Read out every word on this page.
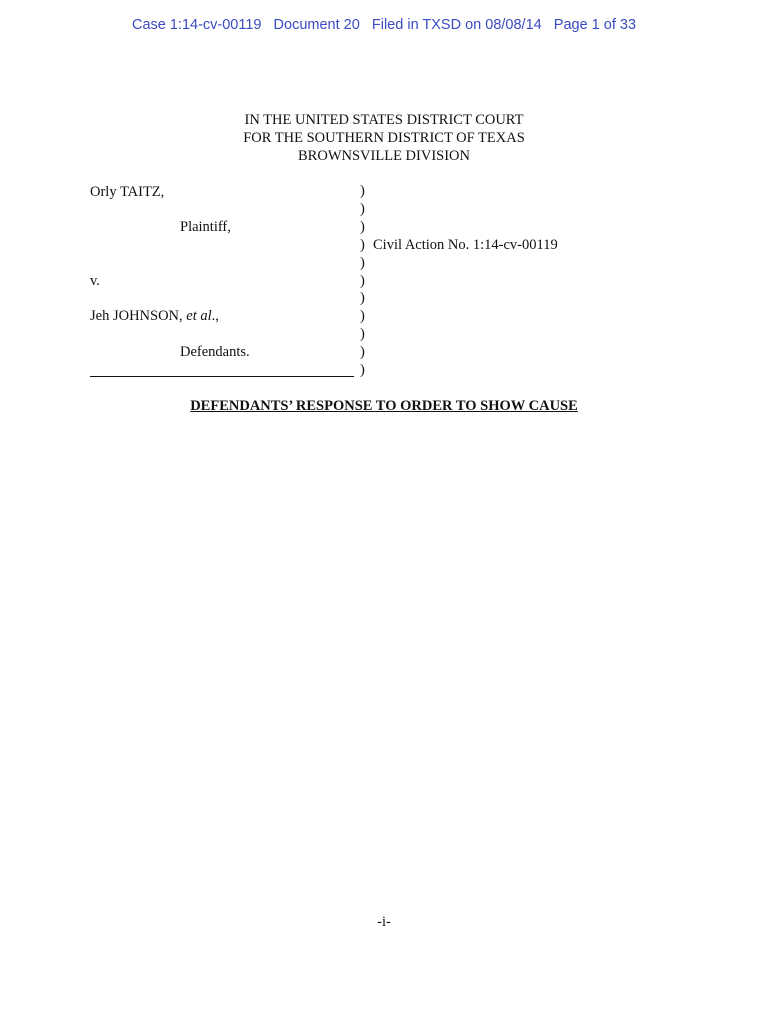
Case 1:14-cv-00119   Document 20   Filed in TXSD on 08/08/14   Page 1 of 33
IN THE UNITED STATES DISTRICT COURT
FOR THE SOUTHERN DISTRICT OF TEXAS
BROWNSVILLE DIVISION
Orly TAITZ,
Plaintiff,
v.
Jeh JOHNSON, et al.,
Defendants.
)
)
)
)
)
)
)
)
)
)
)
Civil Action No. 1:14-cv-00119
DEFENDANTS’ RESPONSE TO ORDER TO SHOW CAUSE
-i-
